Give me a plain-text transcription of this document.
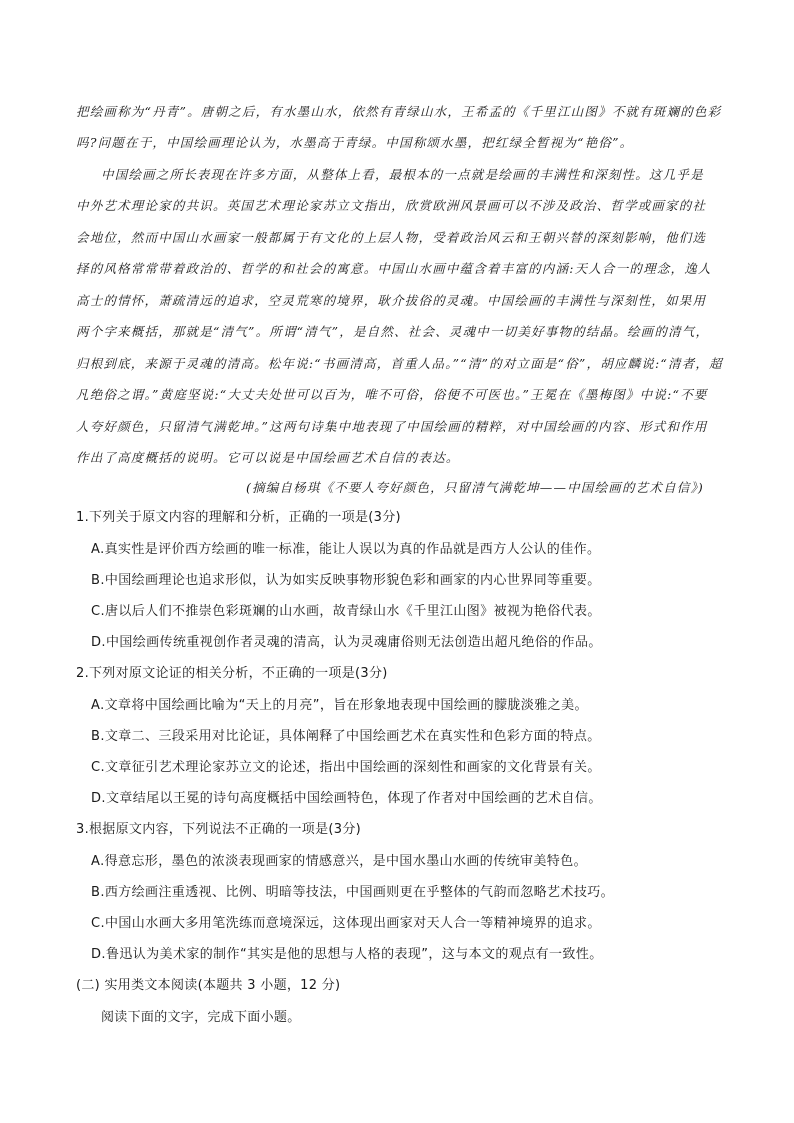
把绘画称为“丹青”。唐朝之后，有水墨山水，依然有青绿山水，王希孟的《千里江山图》不就有斑斓的色彩
吗?问题在于，中国绘画理论认为，水墨高于青绿。中国称颂水墨，把红绿全暂视为“艳俗”。
中国绘画之所长表现在许多方面，从整体上看，最根本的一点就是绘画的丰满性和深刻性。这几乎是
中外艺术理论家的共识。英国艺术理论家苏立文指出，欣赏欧洲风景画可以不涉及政治、哲学或画家的社
会地位，然而中国山水画家一般都属于有文化的上层人物，受着政治风云和王朝兴替的深刻影响，他们选
择的风格常常带着政治的、哲学的和社会的寓意。中国山水画中蕴含着丰富的内涵:天人合一的理念，逸人
高士的情怀，萧疏清远的追求，空灵荒寒的境界，耿介拔俗的灵魂。中国绘画的丰满性与深刻性，如果用
两个字来概括，那就是“清气”。所谓“清气”，是自然、社会、灵魂中一切美好事物的结晶。绘画的清气，
归根到底，来源于灵魂的清高。松年说:“书画清高，首重人品。”“清”的对立面是“俗”，胡应麟说:“清者，超
凡绝俗之谓。”黄庭坚说:“大丈夫处世可以百为，唯不可俗，俗便不可医也。”王冕在《墨梅图》中说:“不要
人夸好颜色，只留清气满乾坤。”这两句诗集中地表现了中国绘画的精粹，对中国绘画的内容、形式和作用
作出了高度概括的说明。它可以说是中国绘画艺术自信的表达。
(摘编自杨琪《不要人夸好颜色，只留清气满乾坤——中国绘画的艺术自信》)
1.下列关于原文内容的理解和分析，正确的一项是(3分)
A.真实性是评价西方绘画的唯一标准，能让人误以为真的作品就是西方人公认的佳作。
B.中国绘画理论也追求形似，认为如实反映事物形貌色彩和画家的内心世界同等重要。
C.唐以后人们不推崇色彩斑斓的山水画，故青绿山水《千里江山图》被视为艳俗代表。
D.中国绘画传统重视创作者灵魂的清高，认为灵魂庸俗则无法创造出超凡绝俗的作品。
2.下列对原文论证的相关分析，不正确的一项是(3分)
A.文章将中国绘画比喻为“天上的月亮”，旨在形象地表现中国绘画的朦胧淡雅之美。
B.文章二、三段采用对比论证，具体阐释了中国绘画艺术在真实性和色彩方面的特点。
C.文章征引艺术理论家苏立文的论述，指出中国绘画的深刻性和画家的文化背景有关。
D.文章结尾以王冕的诗句高度概括中国绘画特色，体现了作者对中国绘画的艺术自信。
3.根据原文内容，下列说法不正确的一项是(3分)
A.得意忘形，墨色的浓淡表现画家的情感意兴，是中国水墨山水画的传统审美特色。
B.西方绘画注重透视、比例、明暗等技法，中国画则更在乎整体的气韵而忽略艺术技巧。
C.中国山水画大多用笔洗练而意境深远，这体现出画家对天人合一等精神境界的追求。
D.鲁迅认为美术家的制作“其实是他的思想与人格的表现”，这与本文的观点有一致性。
(二) 实用类文本阅读(本题共 3 小题，12 分)
阅读下面的文字，完成下面小题。
